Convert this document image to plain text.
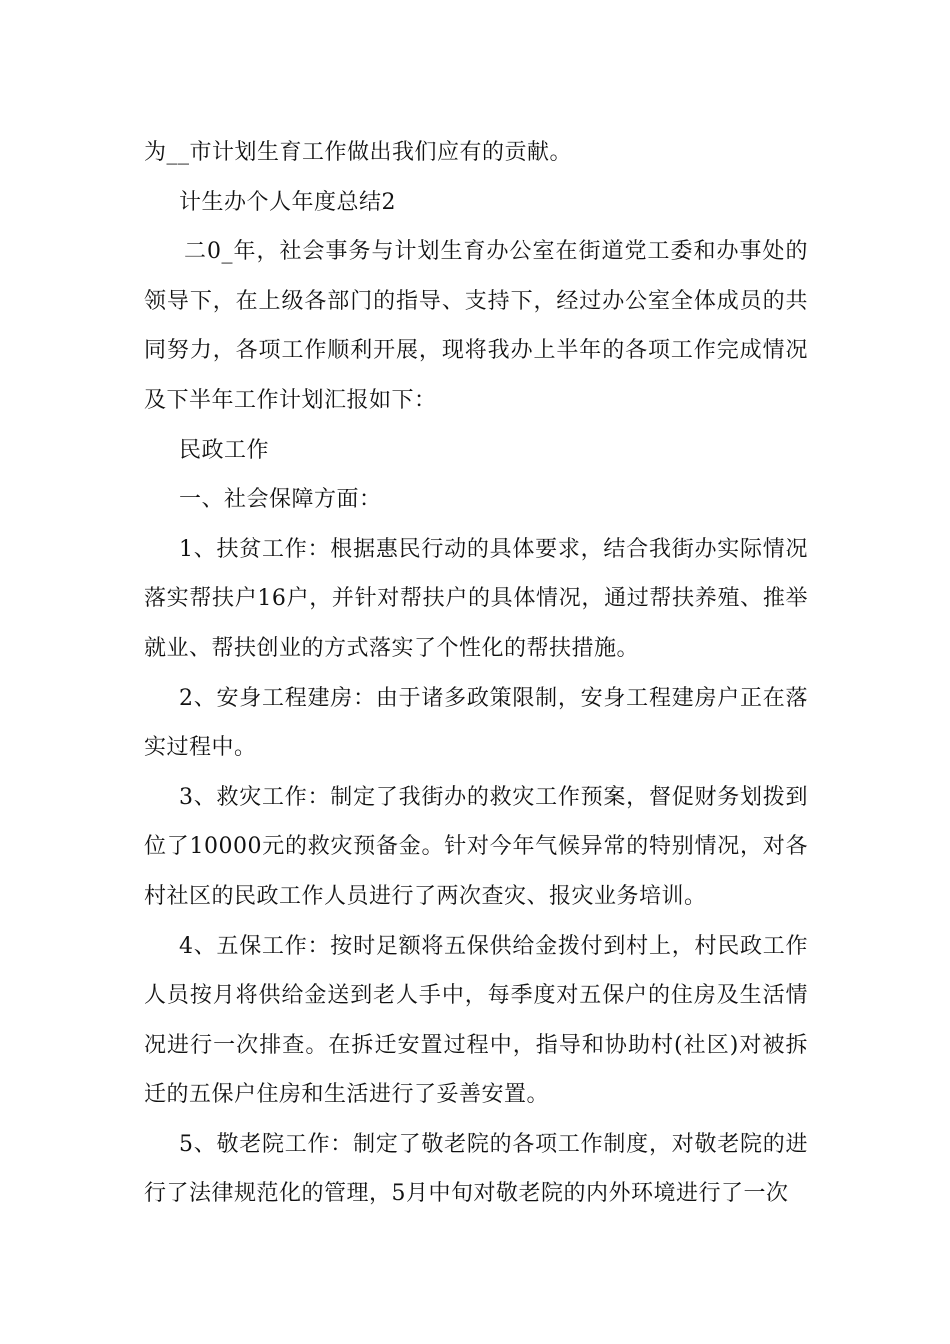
为__市计划生育工作做出我们应有的贡献。

计生办个人年度总结2

二0_年，社会事务与计划生育办公室在街道党工委和办事处的领导下，在上级各部门的指导、支持下，经过办公室全体成员的共同努力，各项工作顺利开展，现将我办上半年的各项工作完成情况及下半年工作计划汇报如下：

民政工作

一、社会保障方面：

1、扶贫工作：根据惠民行动的具体要求，结合我街办实际情况落实帮扶户16户，并针对帮扶户的具体情况，通过帮扶养殖、推举就业、帮扶创业的方式落实了个性化的帮扶措施。

2、安身工程建房：由于诸多政策限制，安身工程建房户正在落实过程中。

3、救灾工作：制定了我街办的救灾工作预案，督促财务划拨到位了10000元的救灾预备金。针对今年气候异常的特别情况，对各村社区的民政工作人员进行了两次查灾、报灾业务培训。

4、五保工作：按时足额将五保供给金拨付到村上，村民政工作人员按月将供给金送到老人手中，每季度对五保户的住房及生活情况进行一次排查。在拆迁安置过程中，指导和协助村(社区)对被拆迁的五保户住房和生活进行了妥善安置。

5、敬老院工作：制定了敬老院的各项工作制度，对敬老院的进行了法律规范化的管理，5月中旬对敬老院的内外环境进行了一次
